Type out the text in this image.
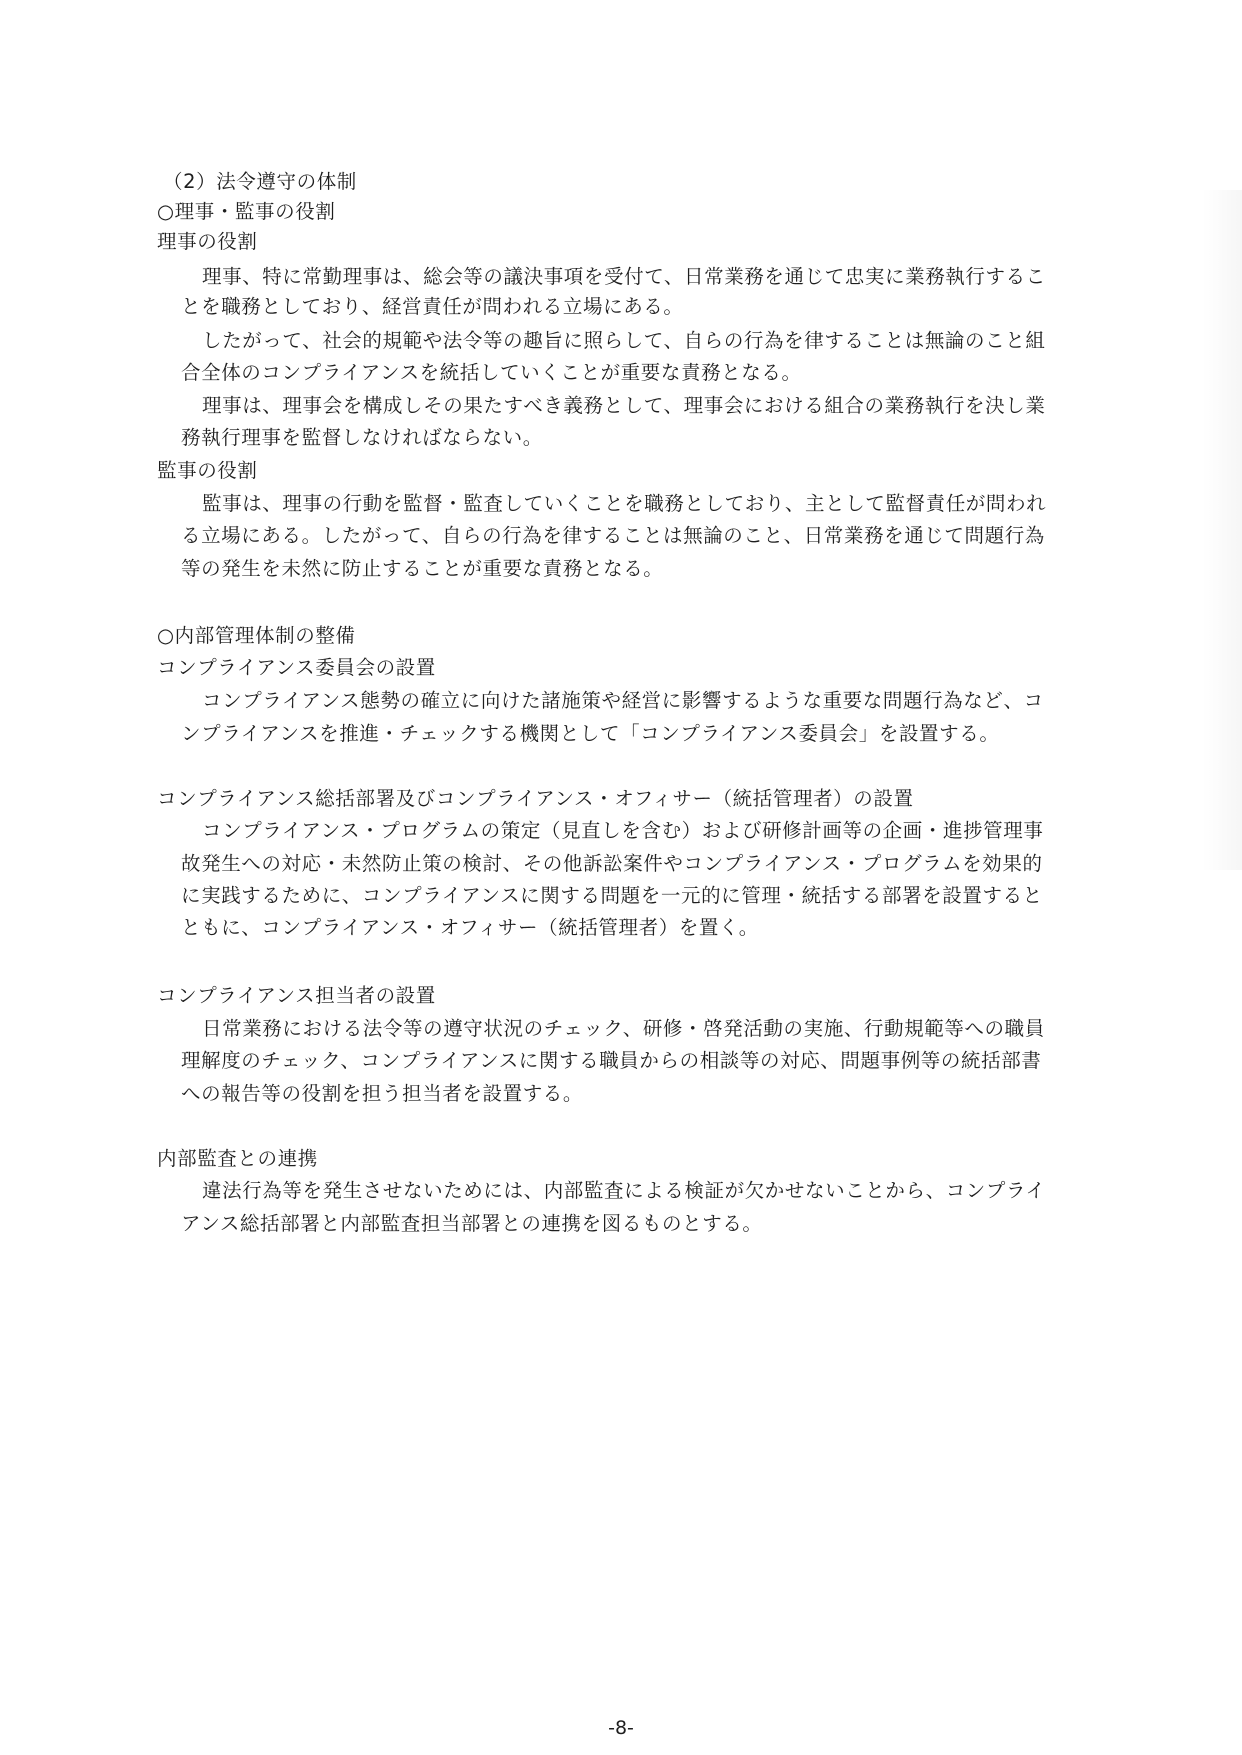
（2）法令遵守の体制
○理事・監事の役割
理事の役割
理事、特に常勤理事は、総会等の議決事項を受付て、日常業務を通じて忠実に業務執行するこ
とを職務としており、経営責任が問われる立場にある。
したがって、社会的規範や法令等の趣旨に照らして、自らの行為を律することは無論のこと組
合全体のコンプライアンスを統括していくことが重要な責務となる。
理事は、理事会を構成しその果たすべき義務として、理事会における組合の業務執行を決し業
務執行理事を監督しなければならない。
監事の役割
監事は、理事の行動を監督・監査していくことを職務としており、主として監督責任が問われ
る立場にある。したがって、自らの行為を律することは無論のこと、日常業務を通じて問題行為
等の発生を未然に防止することが重要な責務となる。
○内部管理体制の整備
コンプライアンス委員会の設置
コンプライアンス態勢の確立に向けた諸施策や経営に影響するような重要な問題行為など、コ
ンプライアンスを推進・チェックする機関として「コンプライアンス委員会」を設置する。
コンプライアンス総括部署及びコンプライアンス・オフィサー（統括管理者）の設置
コンプライアンス・プログラムの策定（見直しを含む）および研修計画等の企画・進捗管理事
故発生への対応・未然防止策の検討、その他訴訟案件やコンプライアンス・プログラムを効果的
に実践するために、コンプライアンスに関する問題を一元的に管理・統括する部署を設置すると
ともに、コンプライアンス・オフィサー（統括管理者）を置く。
コンプライアンス担当者の設置
日常業務における法令等の遵守状況のチェック、研修・啓発活動の実施、行動規範等への職員
理解度のチェック、コンプライアンスに関する職員からの相談等の対応、問題事例等の統括部書
への報告等の役割を担う担当者を設置する。
内部監査との連携
違法行為等を発生させないためには、内部監査による検証が欠かせないことから、コンプライ
アンス総括部署と内部監査担当部署との連携を図るものとする。
-8-
